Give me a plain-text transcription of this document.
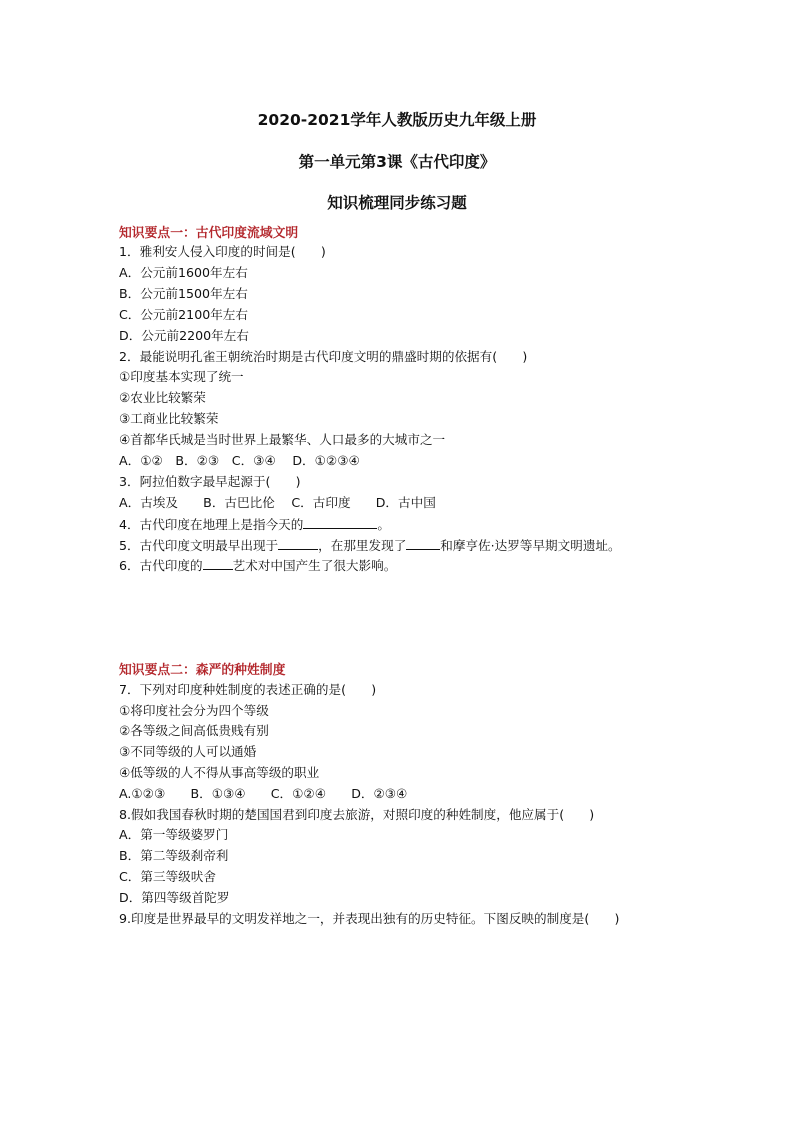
2020-2021学年人教版历史九年级上册
第一单元第3课《古代印度》
知识梳理同步练习题
知识要点一：古代印度流域文明
1．雅利安人侵入印度的时间是(　　)
A．公元前1600年左右
B．公元前1500年左右
C．公元前2100年左右
D．公元前2200年左右
2．最能说明孔雀王朝统治时期是古代印度文明的鼎盛时期的依据有(　　)
①印度基本实现了统一
②农业比较繁荣
③工商业比较繁荣
④首都华氏城是当时世界上最繁华、人口最多的大城市之一
A．①②　B．②③　C．③④　 D．①②③④
3．阿拉伯数字最早起源于(　　)
A．古埃及　　B．古巴比伦　 C．古印度　　D．古中国
4．古代印度在地理上是指今天的	。
5．古代印度文明最早出现于	，在那里发现了	和摩亨佐·达罗等早期文明遗址。
6．古代印度的 艺术对中国产生了很大影响。
知识要点二：森严的种姓制度
7．下列对印度种姓制度的表述正确的是(　　)
①将印度社会分为四个等级
②各等级之间高低贵贱有别
③不同等级的人可以通婚
④低等级的人不得从事高等级的职业
A.①②③　　B．①③④　　C．①②④　　D．②③④
8.假如我国春秋时期的楚国国君到印度去旅游，对照印度的种姓制度，他应属于(　　)
A．第一等级婆罗门
B．第二等级刹帝利
C．第三等级吠舍
D．第四等级首陀罗
9.印度是世界最早的文明发祥地之一，并表现出独有的历史特征。下图反映的制度是(　　)
